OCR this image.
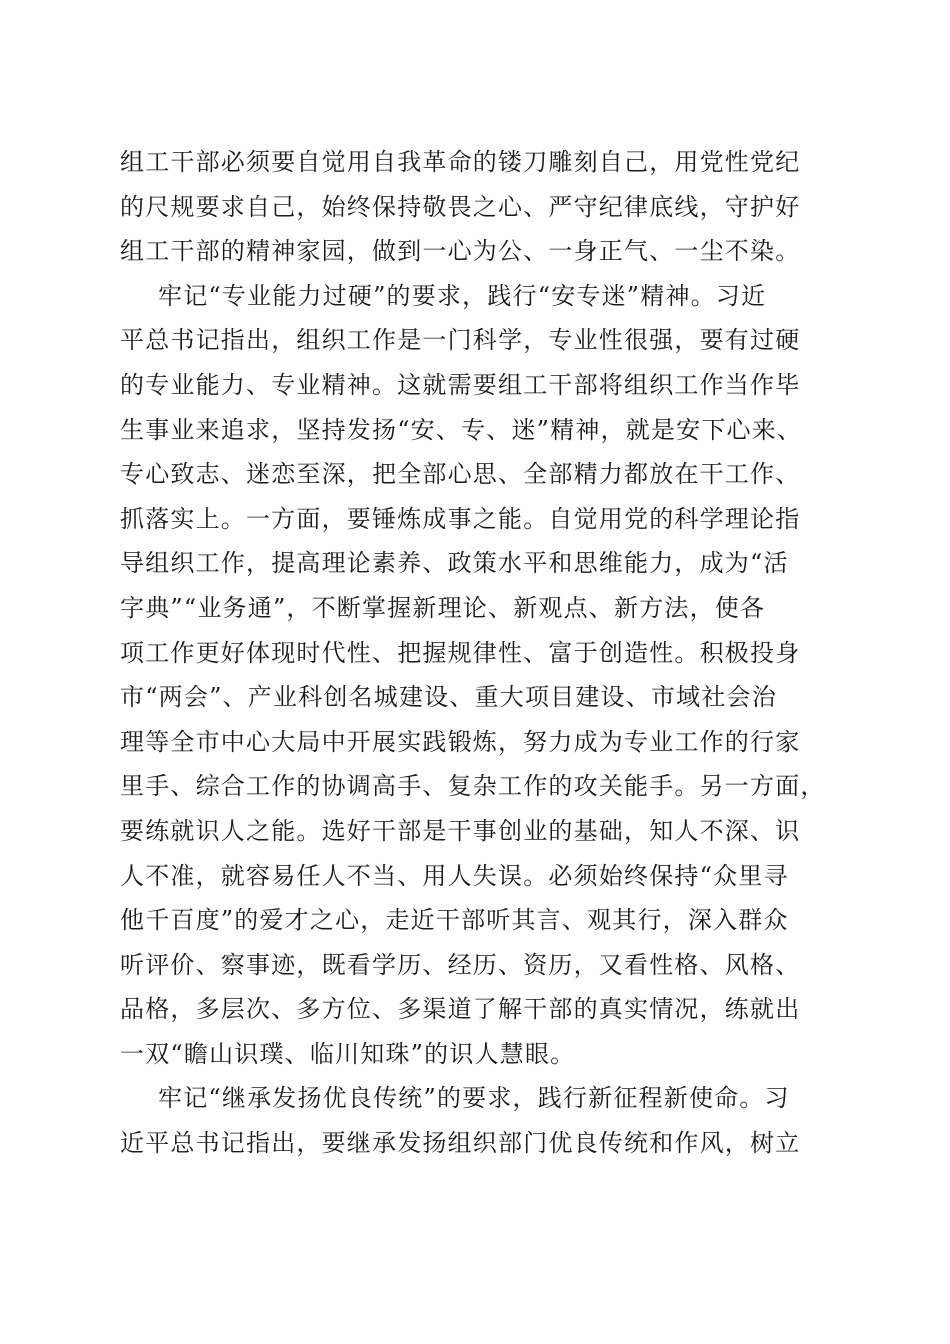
组工干部必须要自觉用自我革命的镂刀雕刻自己，用党性党纪
的尺规要求自己，始终保持敬畏之心、严守纪律底线，守护好
组工干部的精神家园，做到一心为公、一身正气、一尘不染。
牢记“专业能力过硬”的要求，践行“安专迷”精神。习近
平总书记指出，组织工作是一门科学，专业性很强，要有过硬
的专业能力、专业精神。这就需要组工干部将组织工作当作毕
生事业来追求，坚持发扬“安、专、迷”精神，就是安下心来、
专心致志、迷恋至深，把全部心思、全部精力都放在干工作、
抓落实上。一方面，要锤炼成事之能。自觉用党的科学理论指
导组织工作，提高理论素养、政策水平和思维能力，成为“活
字典”“业务通”，不断掌握新理论、新观点、新方法，使各
项工作更好体现时代性、把握规律性、富于创造性。积极投身
市“两会”、产业科创名城建设、重大项目建设、市域社会治
理等全市中心大局中开展实践锻炼，努力成为专业工作的行家
里手、综合工作的协调高手、复杂工作的攻关能手。另一方面，
要练就识人之能。选好干部是干事创业的基础，知人不深、识
人不准，就容易任人不当、用人失误。必须始终保持“众里寻
他千百度”的爱才之心，走近干部听其言、观其行，深入群众
听评价、察事迹，既看学历、经历、资历，又看性格、风格、
品格，多层次、多方位、多渠道了解干部的真实情况，练就出
一双“瞻山识璞、临川知珠”的识人慧眼。
牢记“继承发扬优良传统”的要求，践行新征程新使命。习
近平总书记指出，要继承发扬组织部门优良传统和作风，树立
